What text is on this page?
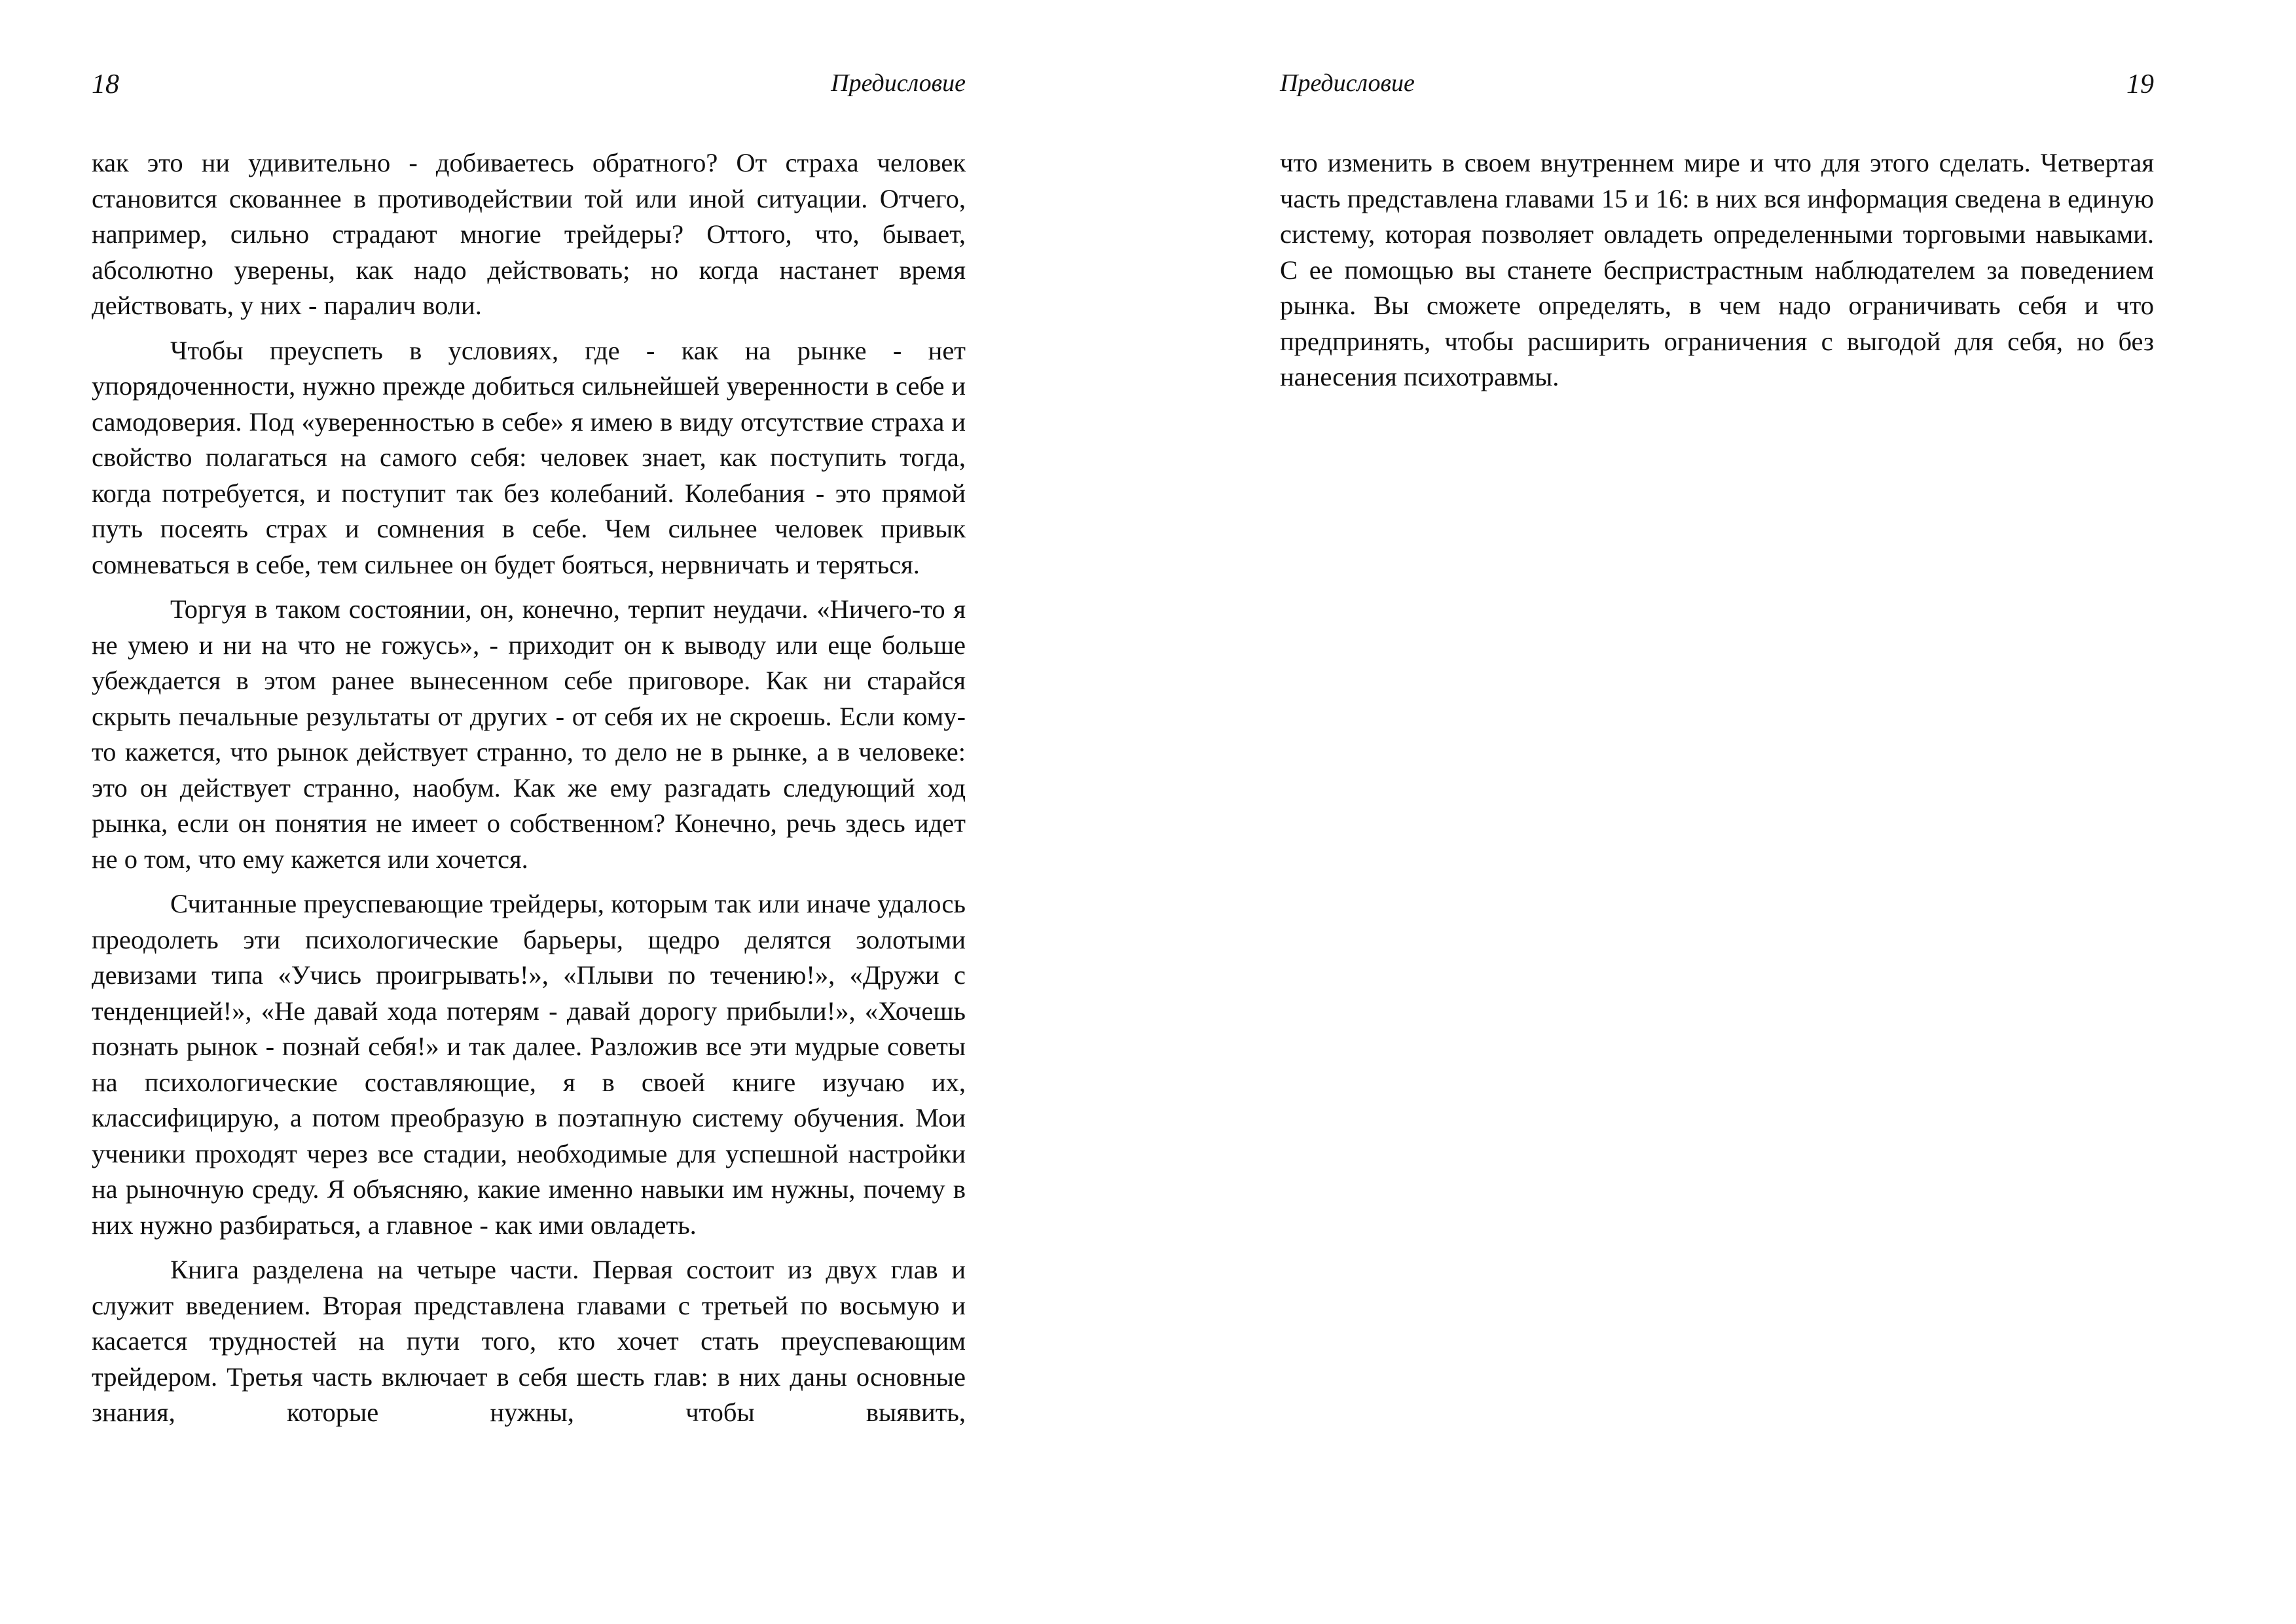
18	Предисловие

как это ни удивительно - добиваетесь обратного? От страха человек становится скованнее в противодействии той или иной ситуации. Отчего, например, сильно страдают многие трейдеры? Оттого, что, бывает, абсолютно уверены, как надо действовать; но когда настанет время действовать, у них - паралич воли.

Чтобы преуспеть в условиях, где - как на рынке - нет упорядоченности, нужно прежде добиться сильнейшей уверенности в себе и самодоверия. Под «уверенностью в себе» я имею в виду отсутствие страха и свойство полагаться на самого себя: человек знает, как поступить тогда, когда потребуется, и поступит так без колебаний. Колебания - это прямой путь посеять страх и сомнения в себе. Чем сильнее человек привык сомневаться в себе, тем сильнее он будет бояться, нервничать и теряться.

Торгуя в таком состоянии, он, конечно, терпит неудачи. «Ничего-то я не умею и ни на что не гожусь», - приходит он к выводу или еще больше убеждается в этом ранее вынесенном себе приговоре. Как ни старайся скрыть печальные результаты от других - от себя их не скроешь. Если кому-то кажется, что рынок действует странно, то дело не в рынке, а в человеке: это он действует странно, наобум. Как же ему разгадать следующий ход рынка, если он понятия не имеет о собственном? Конечно, речь здесь идет не о том, что ему кажется или хочется.

Считанные преуспевающие трейдеры, которым так или иначе удалось преодолеть эти психологические барьеры, щедро делятся золотыми девизами типа «Учись проигрывать!», «Плыви по течению!», «Дружи с тенденцией!», «Не давай хода потерям - давай дорогу прибыли!», «Хочешь познать рынок - познай себя!» и так далее. Разложив все эти мудрые советы на психологические составляющие, я в своей книге изучаю их, классифицирую, а потом преобразую в поэтапную систему обучения. Мои ученики проходят через все стадии, необходимые для успешной настройки на рыночную среду. Я объясняю, какие именно навыки им нужны, почему в них нужно разбираться, а главное - как ими овладеть.

Книга разделена на четыре части. Первая состоит из двух глав и служит введением. Вторая представлена главами с третьей по восьмую и касается трудностей на пути того, кто хочет стать преуспевающим трейдером. Третья часть включает в себя шесть глав: в них даны основные знания, которые нужны, чтобы выявить,

Предисловие	19

что изменить в своем внутреннем мире и что для этого сделать. Четвертая часть представлена главами 15 и 16: в них вся информация сведена в единую систему, которая позволяет овладеть определенными торговыми навыками. С ее помощью вы станете беспристрастным наблюдателем за поведением рынка. Вы сможете определять, в чем надо ограничивать себя и что предпринять, чтобы расширить ограничения с выгодой для себя, но без нанесения психотравмы.
